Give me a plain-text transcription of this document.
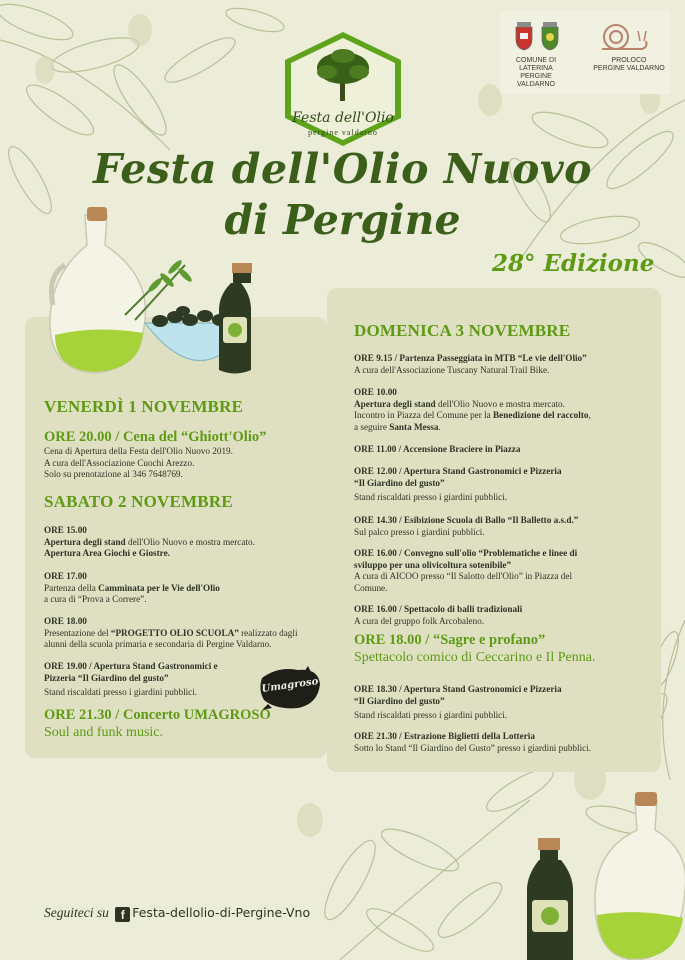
Festa dell'Olio
pergine valdarno
COMUNE DI
LATERINA
PERGINE VALDARNO
PROLOCO
PERGINE VALDARNO
Festa dell'Olio Nuovo
di Pergine
28° Edizione
VENERDÌ 1 NOVEMBRE
ORE 20.00 / Cena del “Ghiott'Olio”
Cena di Apertura della Festa dell'Olio Nuovo 2019.
A cura dell'Associazione Cuochi Arezzo.
Solo su prenotazione al 346 7648769.
SABATO 2 NOVEMBRE
ORE 15.00
Apertura degli stand dell'Olio Nuovo e mostra mercato.
Apertura Area Giochi e Giostre.
ORE 17.00
Partenza della Camminata per le Vie dell'Olio
a cura di “Prova a Correre”.
ORE 18.00
Presentazione del “PROGETTO OLIO SCUOLA” realizzato dagli
alunni della scuola primaria e secondaria di Pergine Valdarno.
ORE 19.00 / Apertura Stand Gastronomici e
Pizzeria “Il Giardino del gusto”
Stand riscaldati presso i giardini pubblici.	Umagroso
ORE 21.30 / Concerto UMAGROSO
Soul and funk music.
DOMENICA 3 NOVEMBRE
ORE 9.15 / Partenza Passeggiata in MTB “Le vie dell'Olio”
A cura dell'Associazione Tuscany Natural Trail Bike.
ORE 10.00
Apertura degli stand dell'Olio Nuovo e mostra mercato.
Incontro in Piazza del Comune per la Benedizione del raccolto,
a seguire Santa Messa.
ORE 11.00 / Accensione Braciere in Piazza
ORE 12.00 / Apertura Stand Gastronomici e Pizzeria
“Il Giardino del gusto”
Stand riscaldati presso i giardini pubblici.
ORE 14.30 / Esibizione Scuola di Ballo “Il Balletto a.s.d.”
Sul palco presso i giardini pubblici.
ORE 16.00 / Convegno sull'olio “Problematiche e linee di
sviluppo per una olivicoltura sotenibile”
A cura di AICOO presso “Il Salotto dell'Olio” in Piazza del
Comune.
ORE 16.00 / Spettacolo di balli tradizionali
A cura del gruppo folk Arcobaleno.
ORE 18.00 / “Sagre e profano”
Spettacolo comico di Ceccarino e Il Penna.
ORE 18.30 / Apertura Stand Gastronomici e Pizzeria
“Il Giardino del gusto”
Stand riscaldati presso i giardini pubblici.
ORE 21.30 / Estrazione Biglietti della Lotteria
Sotto lo Stand “Il Giardino del Gusto” presso i giardini pubblici.
Seguiteci su f Festa-dellolio-di-Pergine-Vno
